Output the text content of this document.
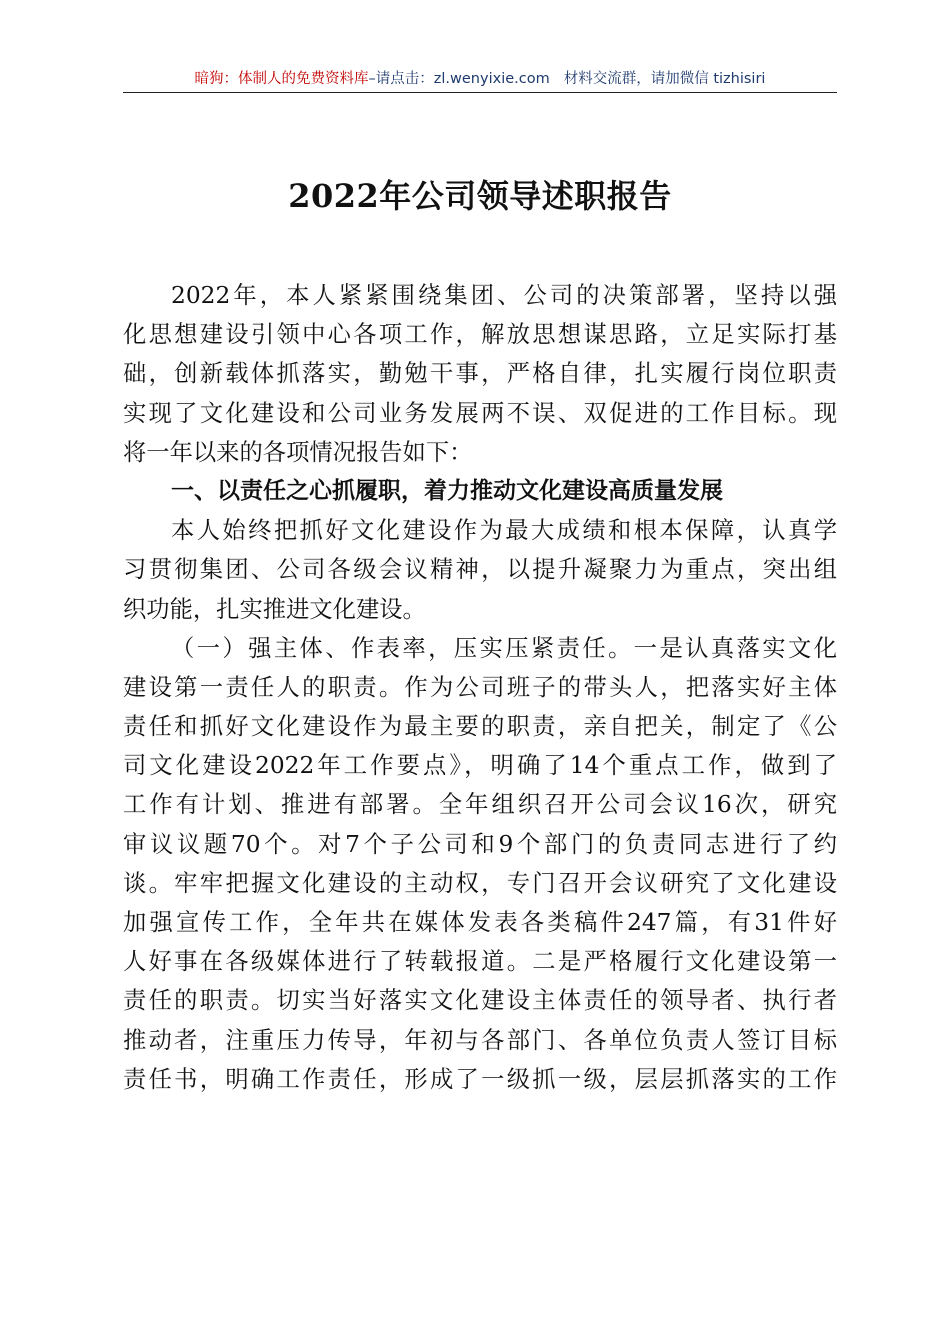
暗狗：体制人的免费资料库–请点击：zl.wenyixie.com 材料交流群，请加微信 tizhisiri
2022年公司领导述职报告
2022年，本人紧紧围绕集团、公司的决策部署，坚持以强
化思想建设引领中心各项工作，解放思想谋思路，立足实际打基
础，创新载体抓落实，勤勉干事，严格自律，扎实履行岗位职责
实现了文化建设和公司业务发展两不误、双促进的工作目标。现
将一年以来的各项情况报告如下：
一、以责任之心抓履职，着力推动文化建设高质量发展
本人始终把抓好文化建设作为最大成绩和根本保障，认真学
习贯彻集团、公司各级会议精神，以提升凝聚力为重点，突出组
织功能，扎实推进文化建设。
（一）强主体、作表率，压实压紧责任。一是认真落实文化
建设第一责任人的职责。作为公司班子的带头人，把落实好主体
责任和抓好文化建设作为最主要的职责，亲自把关，制定了《公
司文化建设2022年工作要点》，明确了14个重点工作，做到了
工作有计划、推进有部署。全年组织召开公司会议16次，研究
审议议题70个。对7个子公司和9个部门的负责同志进行了约
谈。牢牢把握文化建设的主动权，专门召开会议研究了文化建设
加强宣传工作，全年共在媒体发表各类稿件247篇，有31件好
人好事在各级媒体进行了转载报道。二是严格履行文化建设第一
责任的职责。切实当好落实文化建设主体责任的领导者、执行者
推动者，注重压力传导，年初与各部门、各单位负责人签订目标
责任书，明确工作责任，形成了一级抓一级，层层抓落实的工作
